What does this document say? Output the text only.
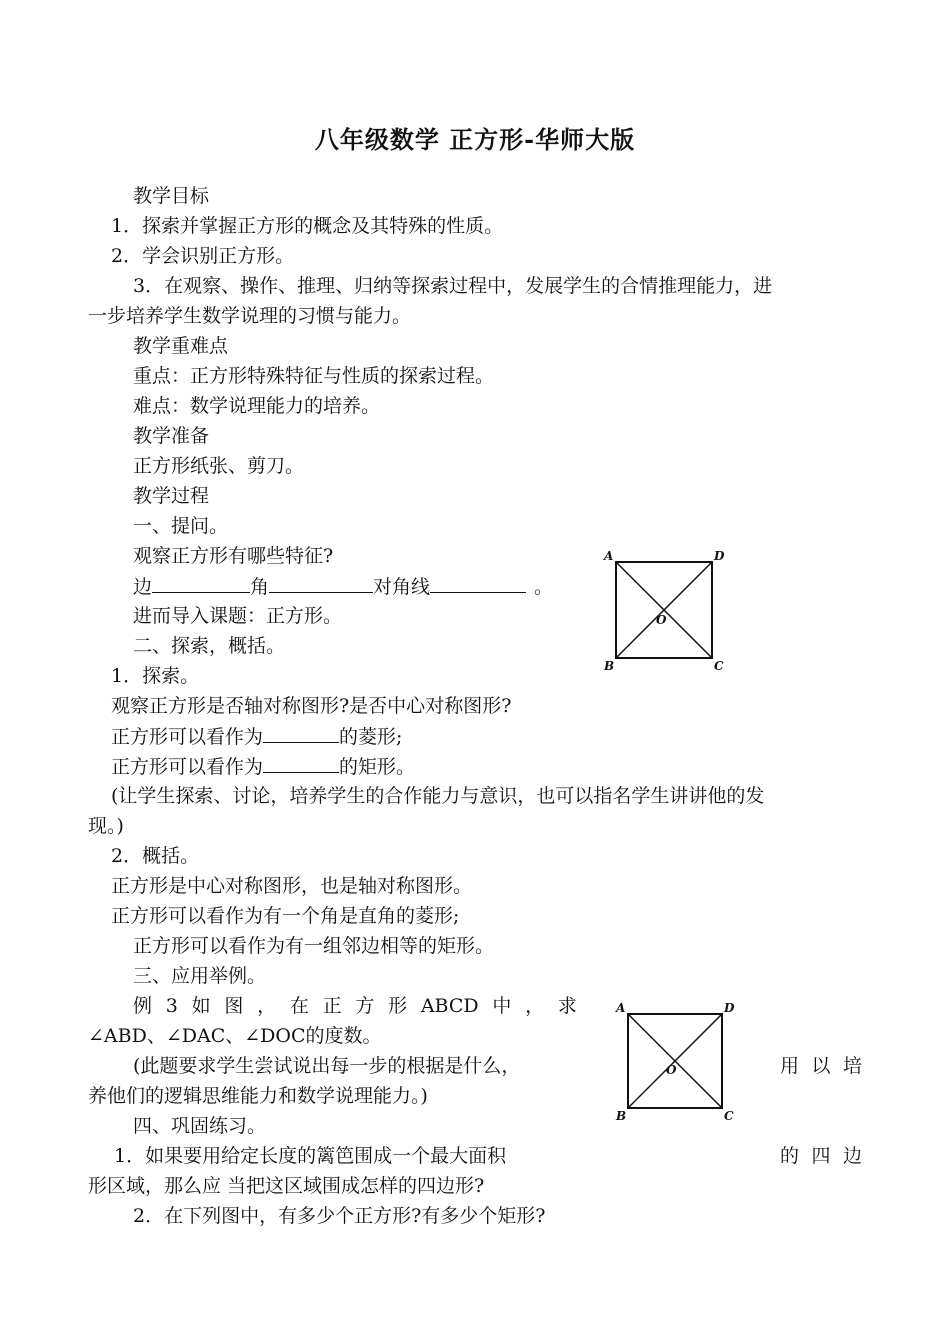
八年级数学 正方形-华师大版
教学目标
1．探索并掌握正方形的概念及其特殊的性质。
2．学会识别正方形。
3．在观察、操作、推理、归纳等探索过程中，发展学生的合情推理能力，进
一步培养学生数学说理的习惯与能力。
教学重难点
重点：正方形特殊特征与性质的探索过程。
难点：数学说理能力的培养。
教学准备
正方形纸张、剪刀。
教学过程
一、提问。
观察正方形有哪些特征?
边	角	对角线	。
进而导入课题：正方形。
二、探索，概括。
1．探索。
观察正方形是否轴对称图形?是否中心对称图形?
正方形可以看作为	的菱形;
正方形可以看作为	的矩形。
(让学生探索、讨论，培养学生的合作能力与意识，也可以指名学生讲讲他的发
现。)
2．概括。
正方形是中心对称图形，也是轴对称图形。
正方形可以看作为有一个角是直角的菱形;
正方形可以看作为有一组邻边相等的矩形。
三、应用举例。
例 3 如 图 ， 在 正 方 形 ABCD 中 ， 求
∠ABD、∠DAC、∠DOC的度数。
(此题要求学生尝试说出每一步的根据是什么，	用 以 培
养他们的逻辑思维能力和数学说理能力。)
四、巩固练习。
1．如果要用给定长度的篱笆围成一个最大面积	的 四 边
形区域，那么应 当把这区域围成怎样的四边形?
2．在下列图中，有多少个正方形?有多少个矩形?
A	D
B	C
O
A	D
B	C
O
